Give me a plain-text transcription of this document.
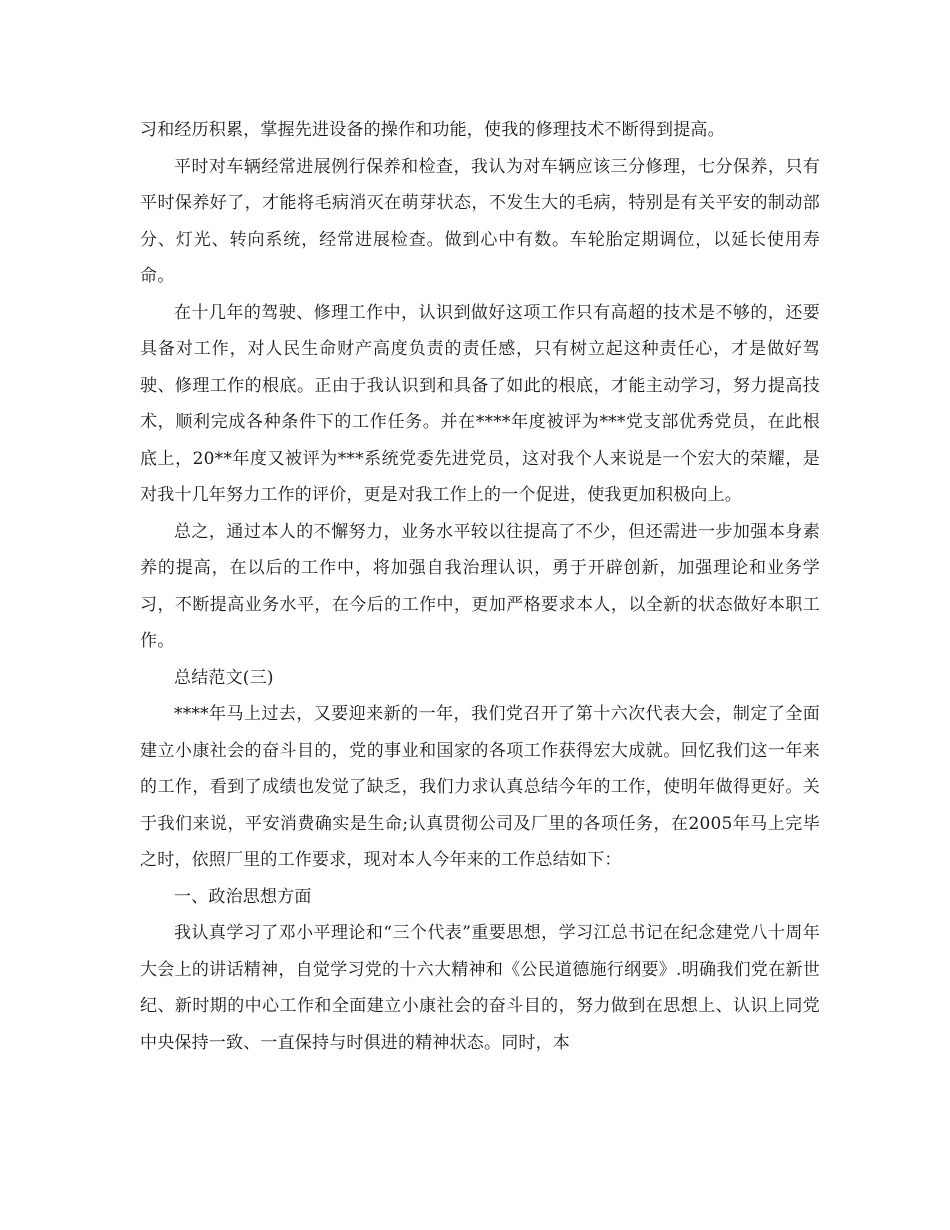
习和经历积累，掌握先进设备的操作和功能，使我的修理技术不断得到提高。

平时对车辆经常进展例行保养和检查，我认为对车辆应该三分修理，七分保养，只有平时保养好了，才能将毛病消灭在萌芽状态，不发生大的毛病，特别是有关平安的制动部分、灯光、转向系统，经常进展检查。做到心中有数。车轮胎定期调位，以延长使用寿命。

在十几年的驾驶、修理工作中，认识到做好这项工作只有高超的技术是不够的，还要具备对工作，对人民生命财产高度负责的责任感，只有树立起这种责任心，才是做好驾驶、修理工作的根底。正由于我认识到和具备了如此的根底，才能主动学习，努力提高技术，顺利完成各种条件下的工作任务。并在****年度被评为***党支部优秀党员，在此根底上，20**年度又被评为***系统党委先进党员，这对我个人来说是一个宏大的荣耀，是对我十几年努力工作的评价，更是对我工作上的一个促进，使我更加积极向上。

总之，通过本人的不懈努力，业务水平较以往提高了不少，但还需进一步加强本身素养的提高，在以后的工作中，将加强自我治理认识，勇于开辟创新，加强理论和业务学习，不断提高业务水平，在今后的工作中，更加严格要求本人，以全新的状态做好本职工作。

总结范文(三)

****年马上过去，又要迎来新的一年，我们党召开了第十六次代表大会，制定了全面建立小康社会的奋斗目的，党的事业和国家的各项工作获得宏大成就。回忆我们这一年来的工作，看到了成绩也发觉了缺乏，我们力求认真总结今年的工作，使明年做得更好。关于我们来说，平安消费确实是生命;认真贯彻公司及厂里的各项任务，在2005年马上完毕之时，依照厂里的工作要求，现对本人今年来的工作总结如下：

一、政治思想方面

我认真学习了邓小平理论和“三个代表”重要思想，学习江总书记在纪念建党八十周年大会上的讲话精神，自觉学习党的十六大精神和《公民道德施行纲要》.明确我们党在新世纪、新时期的中心工作和全面建立小康社会的奋斗目的，努力做到在思想上、认识上同党中央保持一致、一直保持与时俱进的精神状态。同时，本
